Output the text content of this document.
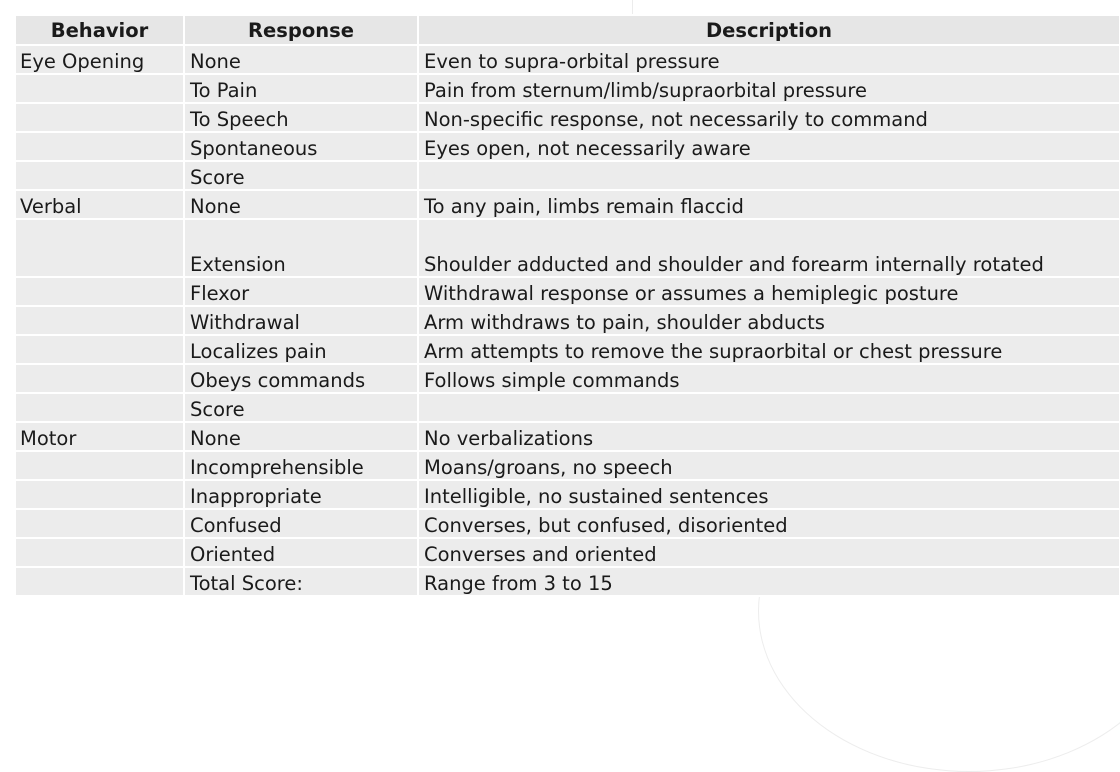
Behavior	Response	Description
Eye Opening	None	Even to supra-orbital pressure
	To Pain	Pain from sternum/limb/supraorbital pressure
	To Speech	Non-specific response, not necessarily to command
	Spontaneous	Eyes open, not necessarily aware
	Score	
Verbal	None	To any pain, limbs remain flaccid
	Extension	Shoulder adducted and shoulder and forearm internally rotated
	Flexor	Withdrawal response or assumes a hemiplegic posture
	Withdrawal	Arm withdraws to pain, shoulder abducts
	Localizes pain	Arm attempts to remove the supraorbital or chest pressure
	Obeys commands	Follows simple commands
	Score	
Motor	None	No verbalizations
	Incomprehensible	Moans/groans, no speech
	Inappropriate	Intelligible, no sustained sentences
	Confused	Converses, but confused, disoriented
	Oriented	Converses and oriented
	Total Score:	Range from 3 to 15
